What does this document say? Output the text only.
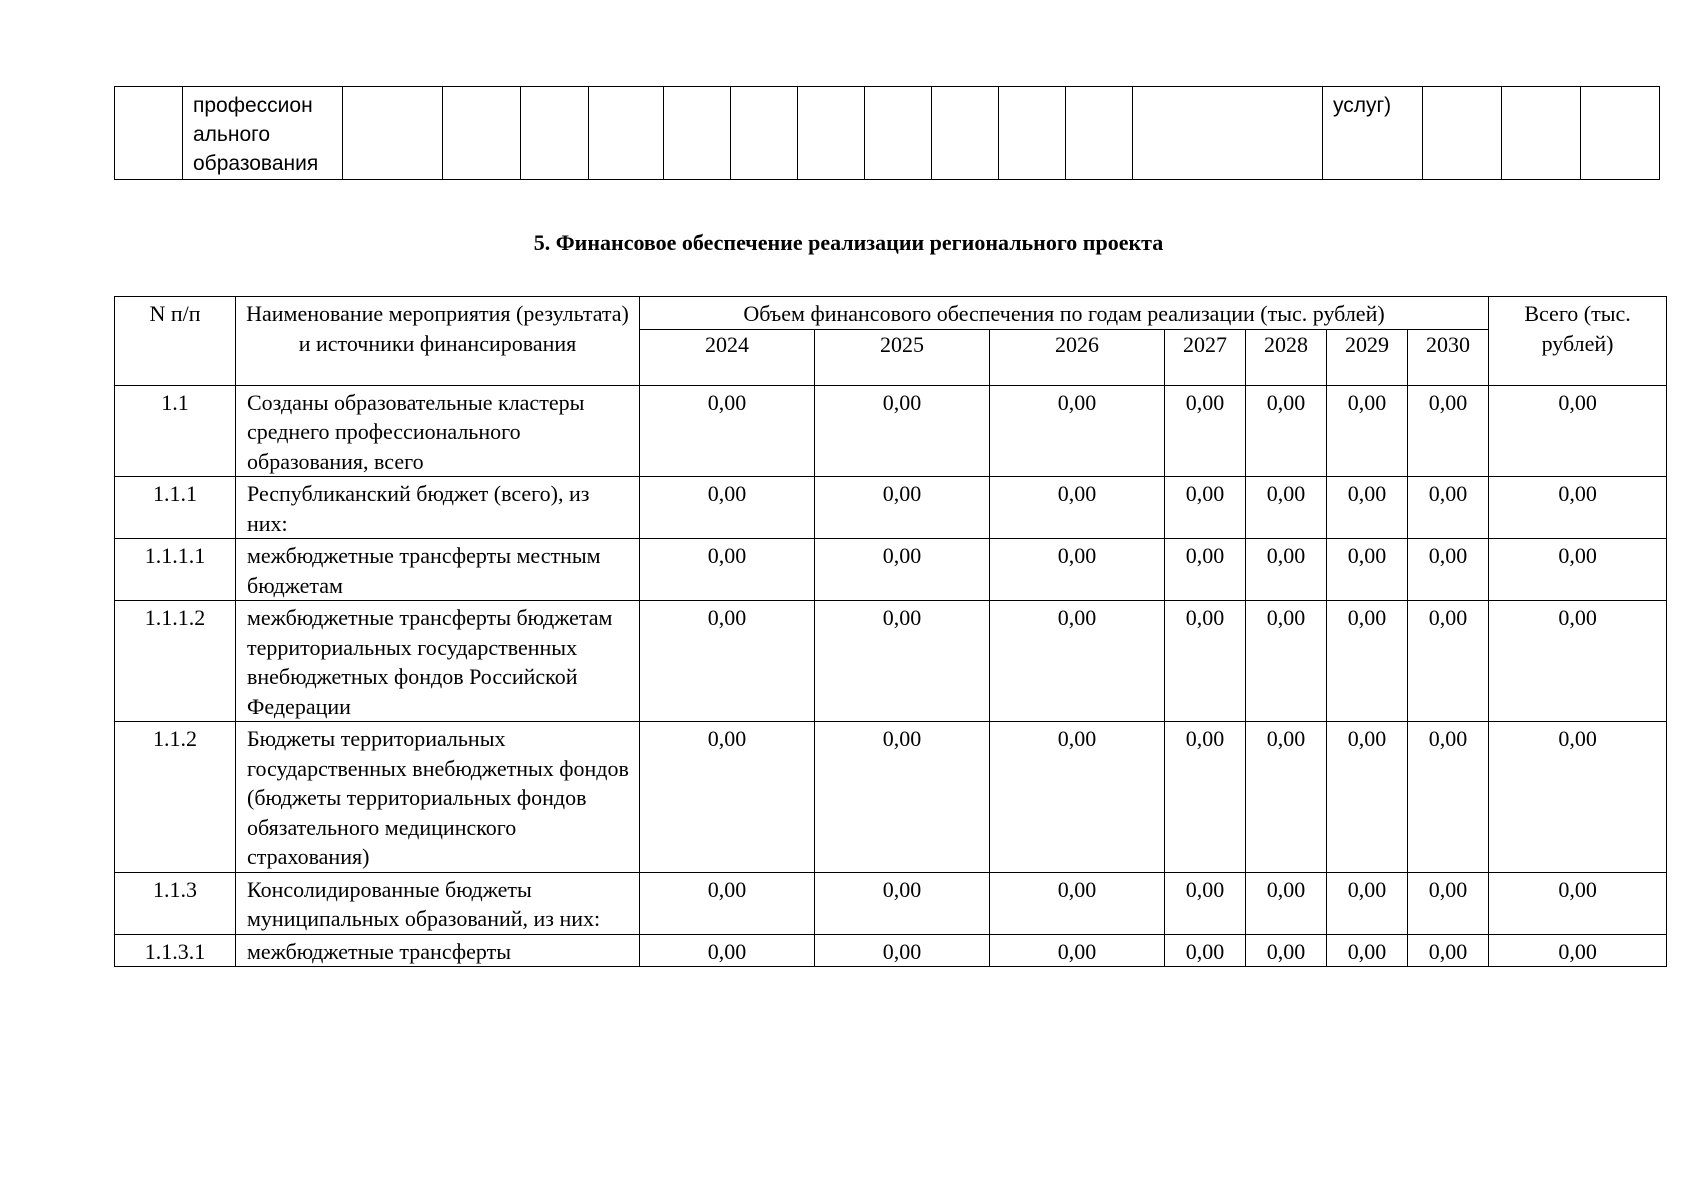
	профессион ального образования													услуг)			
5. Финансовое обеспечение реализации регионального проекта
N п/п	Наименование мероприятия (результата) и источники финансирования	Объем финансового обеспечения по годам реализации (тыс. рублей)							Всего (тыс. рублей)
		2024	2025	2026	2027	2028	2029	2030	
1.1	Созданы образовательные кластеры среднего профессионального образования, всего	0,00	0,00	0,00	0,00	0,00	0,00	0,00	0,00
1.1.1	Республиканский бюджет (всего), из них:	0,00	0,00	0,00	0,00	0,00	0,00	0,00	0,00
1.1.1.1	межбюджетные трансферты местным бюджетам	0,00	0,00	0,00	0,00	0,00	0,00	0,00	0,00
1.1.1.2	межбюджетные трансферты бюджетам территориальных государственных внебюджетных фондов Российской Федерации	0,00	0,00	0,00	0,00	0,00	0,00	0,00	0,00
1.1.2	Бюджеты территориальных государственных внебюджетных фондов (бюджеты территориальных фондов обязательного медицинского страхования)	0,00	0,00	0,00	0,00	0,00	0,00	0,00	0,00
1.1.3	Консолидированные бюджеты муниципальных образований, из них:	0,00	0,00	0,00	0,00	0,00	0,00	0,00	0,00
1.1.3.1	межбюджетные трансферты	0,00	0,00	0,00	0,00	0,00	0,00	0,00	0,00
